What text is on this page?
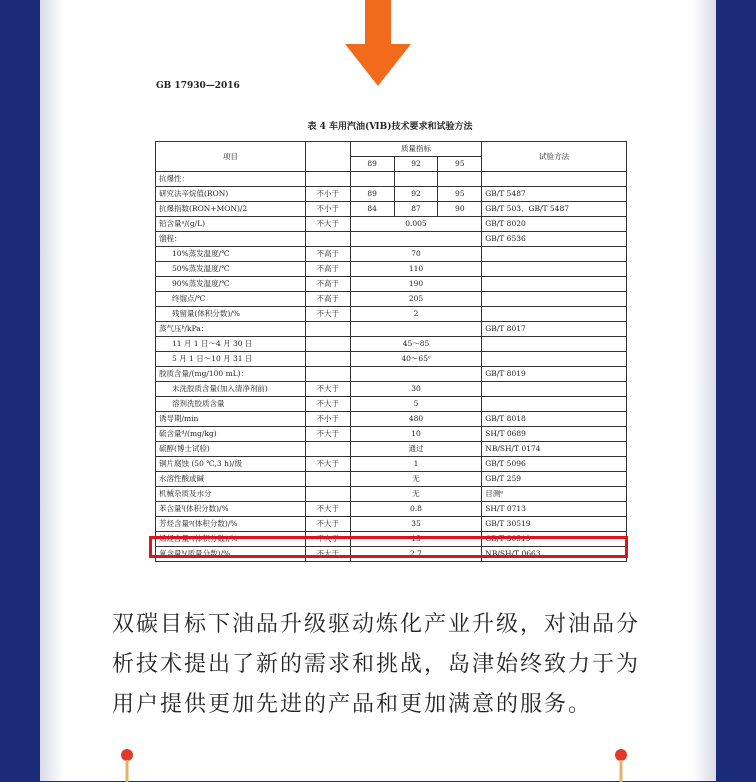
GB 17930—2016
表 4 车用汽油(ⅥB)技术要求和试验方法
项目		质量指标			试验方法
		89	92	95	
抗爆性：					
研究法辛烷值(RON)	不小于	89	92	95	GB/T 5487
抗爆指数(RON+MON)/2	不小于	84	87	90	GB/T 503、GB/T 5487
铅含量ᵃ/(g/L)	不大于	0.005			GB/T 8020
馏程：					GB/T 6536
10%蒸发温度/℃	不高于	70			
50%蒸发温度/℃	不高于	110			
90%蒸发温度/℃	不高于	190			
终馏点/℃	不高于	205			
残留量(体积分数)/%	不大于	2			
蒸气压ᵇ/kPa：					GB/T 8017
11 月 1 日～4 月 30 日		45～85			
5 月 1 日～10 月 31 日		40～65ᶜ			
胶质含量/(mg/100 mL)：					GB/T 8019
未洗胶质含量(加入清净剂前)	不大于	30			
溶剂洗胶质含量	不大于	5			
诱导期/min	不小于	480			GB/T 8018
硫含量ᵈ/(mg/kg)	不大于	10			SH/T 0689
硫醇(博士试验)		通过			NB/SH/T 0174
铜片腐蚀 (50 ℃,3 h)/级	不大于	1			GB/T 5096
水溶性酸或碱		无			GB/T 259
机械杂质及水分		无			目测ᵉ
苯含量ᶠ(体积分数)/%	不大于	0.8			SH/T 0713
芳烃含量ᵍ(体积分数)/%	不大于	35			GB/T 30519
烯烃含量ᵍ(体积分数)/%	不大于	15			GB/T 30519
氧含量ʰ(质量分数)/%	不大于	2.7			NB/SH/T 0663
双碳目标下油品升级驱动炼化产业升级，对油品分
析技术提出了新的需求和挑战，岛津始终致力于为
用户提供更加先进的产品和更加满意的服务。
